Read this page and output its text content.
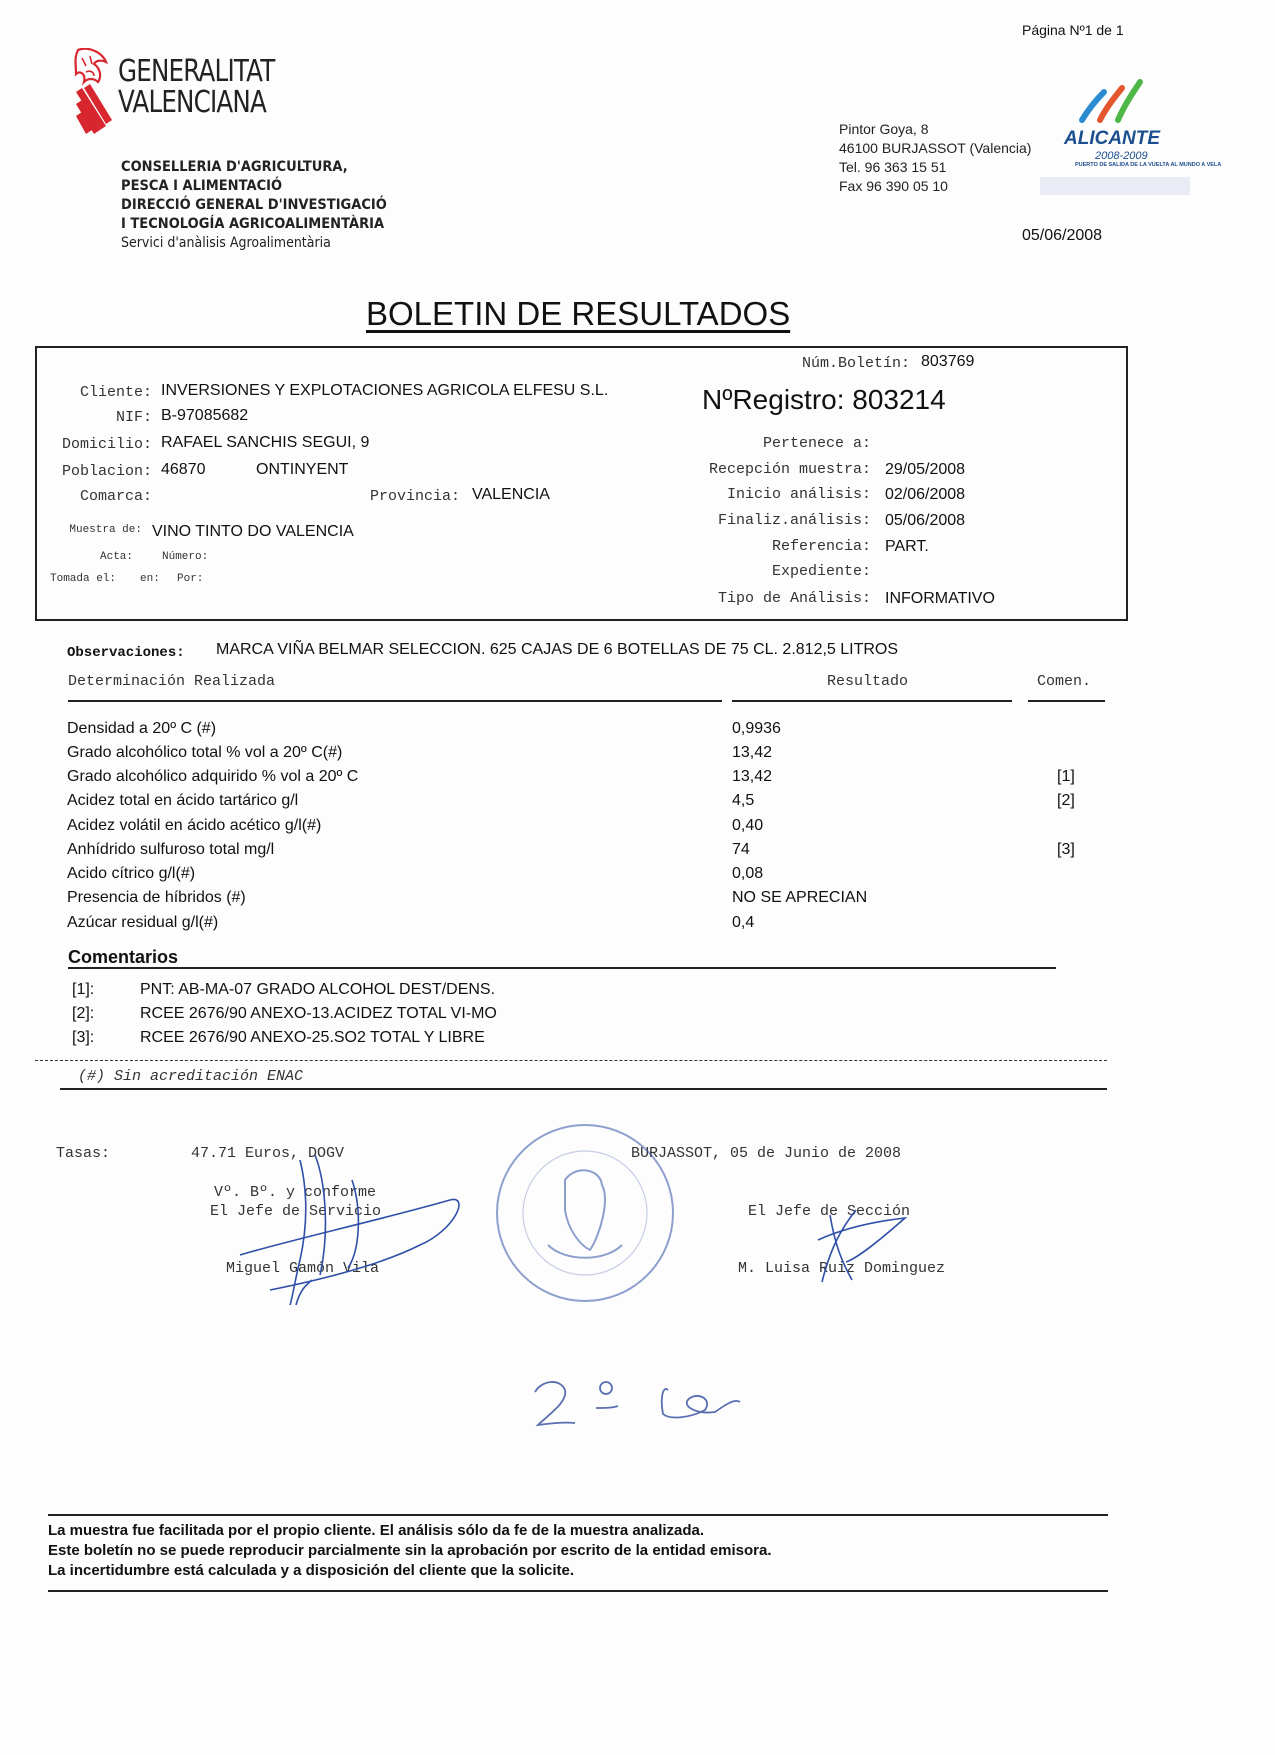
Página Nº1 de 1
GENERALITAT
VALENCIANA
CONSELLERIA D'AGRICULTURA,
PESCA I ALIMENTACIÓ
DIRECCIÓ GENERAL D'INVESTIGACIÓ
I TECNOLOGÍA AGRICOALIMENTÀRIA
Servici d'anàlisis Agroalimentària
Pintor Goya, 8
46100 BURJASSOT (Valencia)
Tel. 96 363 15 51
Fax 96 390 05 10
ALICANTE
2008-2009
PUERTO DE SALIDA DE LA VUELTA AL MUNDO A VELA
05/06/2008
BOLETIN DE RESULTADOS
Cliente: INVERSIONES Y EXPLOTACIONES AGRICOLA ELFESU S.L.
NIF: B-97085682
Domicilio: RAFAEL SANCHIS SEGUI, 9
Poblacion: 46870	ONTINYENT
Comarca:	Provincia: VALENCIA
Muestra de: VINO TINTO DO VALENCIA
Acta:	Número:
Tomada el: en: Por:
Núm.Boletín: 803769
NºRegistro: 803214
Pertenece a:
Recepción muestra: 29/05/2008
Inicio análisis: 02/06/2008
Finaliz.análisis: 05/06/2008
Referencia: PART.
Expediente:
Tipo de Análisis: INFORMATIVO
Observaciones: MARCA VIÑA BELMAR SELECCION. 625 CAJAS DE 6 BOTELLAS DE 75 CL. 2.812,5 LITROS
Determinación Realizada	Resultado	Comen.
Densidad a 20º C (#)	0,9936
Grado alcohólico total % vol a 20º C(#)	13,42
Grado alcohólico adquirido % vol a 20º C	13,42	[1]
Acidez total en ácido tartárico g/l	4,5	[2]
Acidez volátil en ácido acético g/l(#)	0,40
Anhídrido sulfuroso total mg/l	74	[3]
Acido cítrico g/l(#)	0,08
Presencia de híbridos (#)	NO SE APRECIAN
Azúcar residual g/l(#)	0,4
Comentarios
[1]:	PNT: AB-MA-07 GRADO ALCOHOL DEST/DENS.
[2]:	RCEE 2676/90 ANEXO-13.ACIDEZ TOTAL VI-MO
[3]:	RCEE 2676/90 ANEXO-25.SO2 TOTAL Y LIBRE
(#) Sin acreditación ENAC
Tasas:	47.71 Euros, DOGV	BURJASSOT, 05 de Junio de 2008
Vº. Bº. y conforme
El Jefe de Servicio
Miguel Gamón Vila
El Jefe de Sección
M. Luisa Ruiz Dominguez
La muestra fue facilitada por el propio cliente. El análisis sólo da fe de la muestra analizada.
Este boletín no se puede reproducir parcialmente sin la aprobación por escrito de la entidad emisora.
La incertidumbre está calculada y a disposición del cliente que la solicite.
